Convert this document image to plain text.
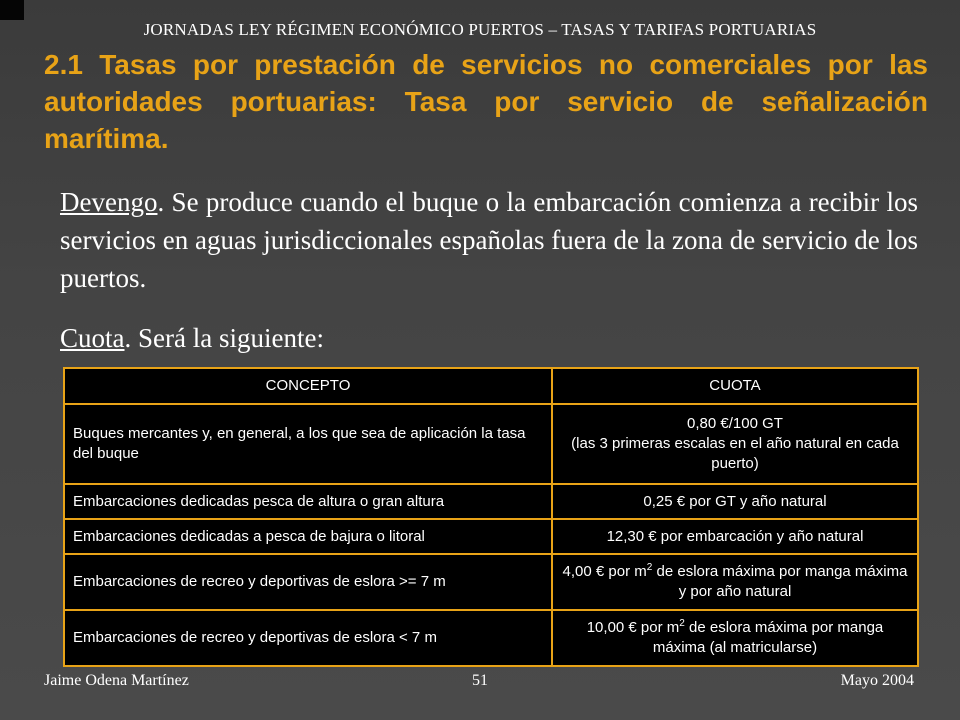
JORNADAS LEY RÉGIMEN ECONÓMICO PUERTOS – TASAS Y TARIFAS PORTUARIAS
2.1 Tasas por prestación de servicios no comerciales por las autoridades portuarias: Tasa por servicio de señalización marítima.
Devengo. Se produce cuando el buque o la embarcación comienza a recibir los servicios en aguas jurisdiccionales españolas fuera de la zona de servicio de los puertos.
Cuota. Será la siguiente:
CONCEPTO	CUOTA
Buques mercantes y, en general, a los que sea de aplicación la tasa del buque	0,80 €/100 GT
(las 3 primeras escalas en el año natural en cada puerto)

Embarcaciones dedicadas pesca de altura o gran altura	0,25 € por GT y año natural
Embarcaciones dedicadas a pesca de bajura o litoral	12,30 € por embarcación y año natural
Embarcaciones de recreo y deportivas de eslora >= 7 m	4,00 € por $m^2$ de eslora máxima por manga máxima y por año natural
Embarcaciones de recreo y deportivas de eslora < 7 m	10,00 € por $m^2$ de eslora máxima por manga máxima (al matricularse)
51
Jaime Odena Martínez	Mayo 2004
